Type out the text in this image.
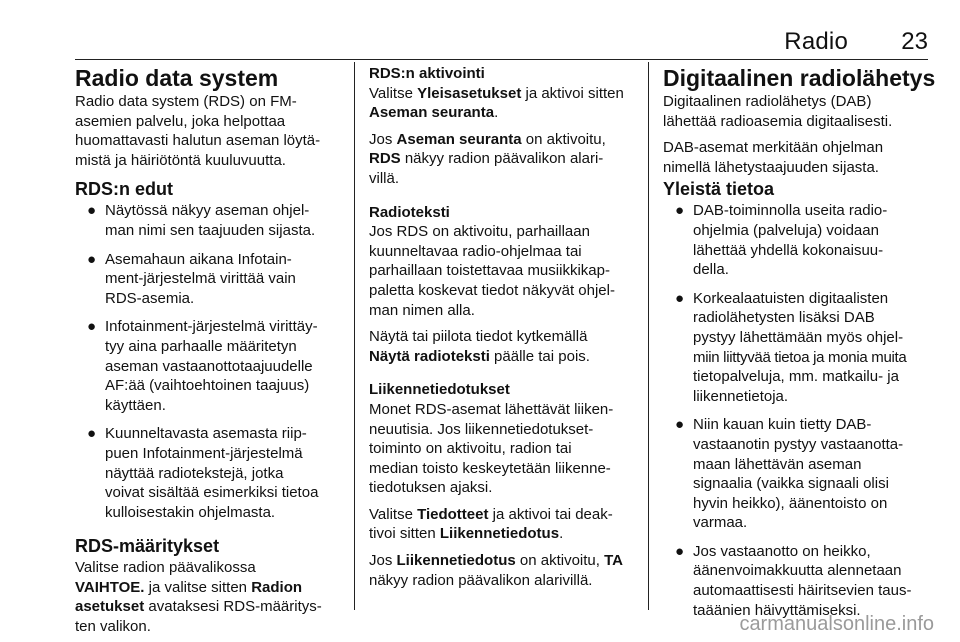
Radio 23

Radio data system

Radio data system (RDS) on FM-
asemien palvelu, joka helpottaa
huomattavasti halutun aseman löytä-
mistä ja häiriötöntä kuuluvuutta.

RDS:n edut

● Näytössä näkyy aseman ohjel-
man nimi sen taajuuden sijasta.
● Asemahaun aikana Infotain-
ment-järjestelmä virittää vain
RDS-asemia.
● Infotainment-järjestelmä virittäy-
tyy aina parhaalle määritetyn
aseman vastaanottotaajuudelle
AF:ää (vaihtoehtoinen taajuus)
käyttäen.
● Kuunneltavasta asemasta riip-
puen Infotainment-järjestelmä
näyttää radiotekstejä, jotka
voivat sisältää esimerkiksi tietoa
kulloisestakin ohjelmasta.

RDS-määritykset

Valitse radion päävalikossa
VAIHTOE. ja valitse sitten Radion
asetukset avataksesi RDS-määritys-
ten valikon.

RDS:n aktivointi

Valitse Yleisasetukset ja aktivoi sitten
Aseman seuranta.

Jos Aseman seuranta on aktivoitu,
RDS näkyy radion päävalikon alari-
villä.

Radioteksti

Jos RDS on aktivoitu, parhaillaan
kuunneltavaa radio-ohjelmaa tai
parhaillaan toistettavaa musiikkikap-
paletta koskevat tiedot näkyvät ohjel-
man nimen alla.

Näytä tai piilota tiedot kytkemällä
Näytä radioteksti päälle tai pois.

Liikennetiedotukset

Monet RDS-asemat lähettävät liiken-
neuutisia. Jos liikennetiedotukset-
toiminto on aktivoitu, radion tai
median toisto keskeytetään liikenne-
tiedotuksen ajaksi.

Valitse Tiedotteet ja aktivoi tai deak-
tivoi sitten Liikennetiedotus.

Jos Liikennetiedotus on aktivoitu, TA
näkyy radion päävalikon alarivillä.

Digitaalinen radiolähetys

Digitaalinen radiolähetys (DAB)
lähettää radioasemia digitaalisesti.

DAB-asemat merkitään ohjelman
nimellä lähetystaajuuden sijasta.

Yleistä tietoa

● DAB-toiminnolla useita radio-
ohjelmia (palveluja) voidaan
lähettää yhdellä kokonaisuu-
della.
● Korkealaatuisten digitaalisten
radiolähetysten lisäksi DAB
pystyy lähettämään myös ohjel-
miin liittyvää tietoa ja monia muita
tietopalveluja, mm. matkailu- ja
liikennetietoja.
● Niin kauan kuin tietty DAB-
vastaanotin pystyy vastaanotta-
maan lähettävän aseman
signaalia (vaikka signaali olisi
hyvin heikko), äänentoisto on
varmaa.
● Jos vastaanotto on heikko,
äänenvoimakkuutta alennetaan
automaattisesti häiritsevien taus-
taäänien häivyttämiseksi.
carmanualsonline.info
